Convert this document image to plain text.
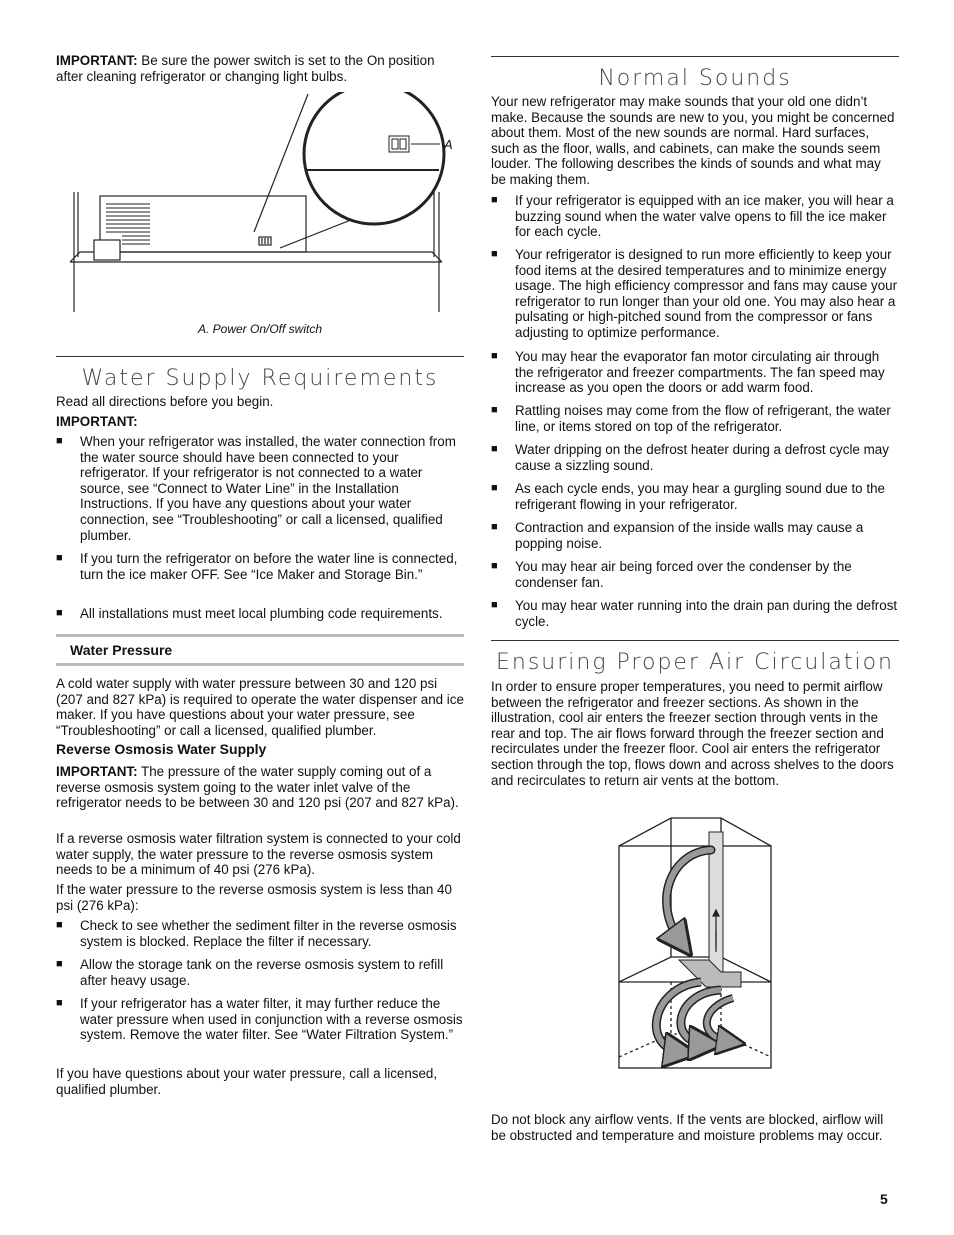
IMPORTANT: Be sure the power switch is set to the On position after cleaning refrigerator or changing light bulbs.

A

A. Power On/Off switch

Water Supply Requirements

Read all directions before you begin.

IMPORTANT:

■ When your refrigerator was installed, the water connection from the water source should have been connected to your refrigerator. If your refrigerator is not connected to a water source, see “Connect to Water Line” in the Installation Instructions. If you have any questions about your water connection, see “Troubleshooting” or call a licensed, qualified plumber.
■ If you turn the refrigerator on before the water line is connected, turn the ice maker OFF. See “Ice Maker and Storage Bin.”
■ All installations must meet local plumbing code requirements.

Water Pressure

A cold water supply with water pressure between 30 and 120 psi (207 and 827 kPa) is required to operate the water dispenser and ice maker. If you have questions about your water pressure, see “Troubleshooting” or call a licensed, qualified plumber.

Reverse Osmosis Water Supply

IMPORTANT: The pressure of the water supply coming out of a reverse osmosis system going to the water inlet valve of the refrigerator needs to be between 30 and 120 psi (207 and 827 kPa).

If a reverse osmosis water filtration system is connected to your cold water supply, the water pressure to the reverse osmosis system needs to be a minimum of 40 psi (276 kPa).

If the water pressure to the reverse osmosis system is less than 40 psi (276 kPa):

■ Check to see whether the sediment filter in the reverse osmosis system is blocked. Replace the filter if necessary.
■ Allow the storage tank on the reverse osmosis system to refill after heavy usage.
■ If your refrigerator has a water filter, it may further reduce the water pressure when used in conjunction with a reverse osmosis system. Remove the water filter. See “Water Filtration System.”

If you have questions about your water pressure, call a licensed, qualified plumber.

Normal Sounds

Your new refrigerator may make sounds that your old one didn’t make. Because the sounds are new to you, you might be concerned about them. Most of the new sounds are normal. Hard surfaces, such as the floor, walls, and cabinets, can make the sounds seem louder. The following describes the kinds of sounds and what may be making them.

■ If your refrigerator is equipped with an ice maker, you will hear a buzzing sound when the water valve opens to fill the ice maker for each cycle.
■ Your refrigerator is designed to run more efficiently to keep your food items at the desired temperatures and to minimize energy usage. The high efficiency compressor and fans may cause your refrigerator to run longer than your old one. You may also hear a pulsating or high-pitched sound from the compressor or fans adjusting to optimize performance.
■ You may hear the evaporator fan motor circulating air through the refrigerator and freezer compartments. The fan speed may increase as you open the doors or add warm food.
■ Rattling noises may come from the flow of refrigerant, the water line, or items stored on top of the refrigerator.
■ Water dripping on the defrost heater during a defrost cycle may cause a sizzling sound.
■ As each cycle ends, you may hear a gurgling sound due to the refrigerant flowing in your refrigerator.
■ Contraction and expansion of the inside walls may cause a popping noise.
■ You may hear air being forced over the condenser by the condenser fan.
■ You may hear water running into the drain pan during the defrost cycle.
Ensuring Proper Air Circulation

In order to ensure proper temperatures, you need to permit airflow between the refrigerator and freezer sections. As shown in the illustration, cool air enters the freezer section through vents in the rear and top. The air flows forward through the freezer section and recirculates under the freezer floor. Cool air enters the refrigerator section through the top, flows down and across shelves to the doors and recirculates to return air vents at the bottom.

Do not block any airflow vents. If the vents are blocked, airflow will be obstructed and temperature and moisture problems may occur.

5
